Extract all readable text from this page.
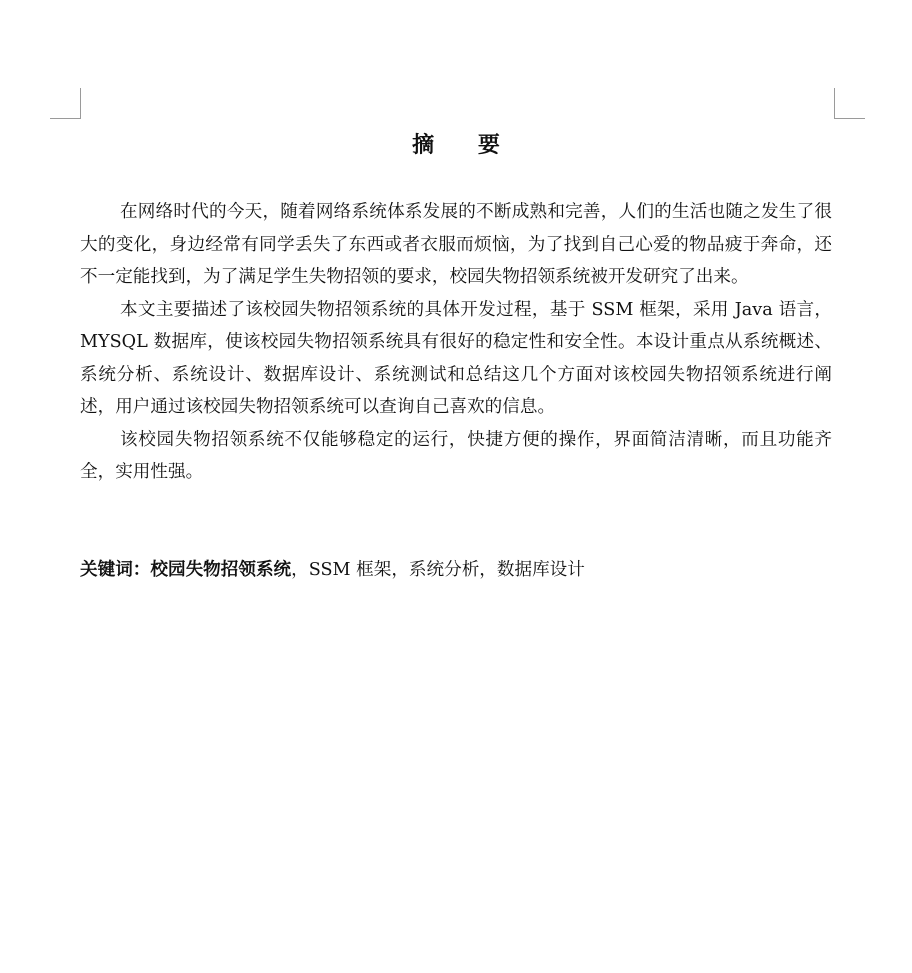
摘 要

在网络时代的今天，随着网络系统体系发展的不断成熟和完善，人们的生活也随之发生了很大的变化，身边经常有同学丢失了东西或者衣服而烦恼，为了找到自己心爱的物品疲于奔命，还不一定能找到，为了满足学生失物招领的要求，校园失物招领系统被开发研究了出来。

本文主要描述了该校园失物招领系统的具体开发过程，基于 SSM 框架，采用 Java 语言，MYSQL 数据库，使该校园失物招领系统具有很好的稳定性和安全性。本设计重点从系统概述、系统分析、系统设计、数据库设计、系统测试和总结这几个方面对该校园失物招领系统进行阐述，用户通过该校园失物招领系统可以查询自己喜欢的信息。

该校园失物招领系统不仅能够稳定的运行，快捷方便的操作，界面简洁清晰，而且功能齐全，实用性强。

关键词：校园失物招领系统，SSM 框架，系统分析，数据库设计
